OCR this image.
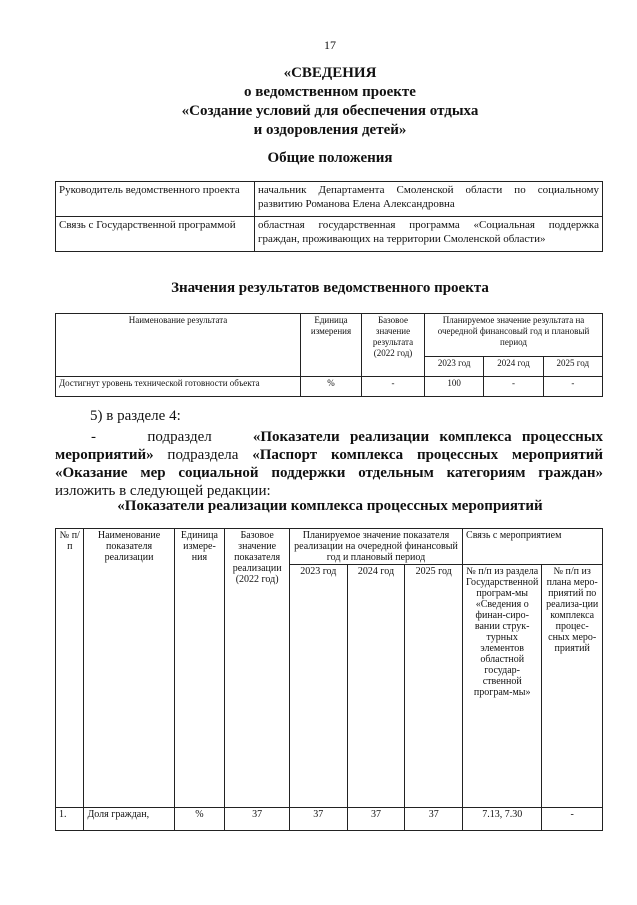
17
«СВЕДЕНИЯ
о ведомственном проекте
«Создание условий для обеспечения отдыха
и оздоровления детей»
Общие положения
Руководитель ведомственного проекта	начальник Департамента Смоленской области по социальному развитию Романова Елена Александровна
Связь с Государственной программой	областная государственная программа «Социальная поддержка граждан, проживающих на территории Смоленской области»
Значения результатов ведомственного проекта
Наименование результата	Единица измерения	Базовое значение результата (2022 год)	Планируемое значение результата на очередной финансовый год и плановый период		
			2023 год	2024 год	2025 год
Достигнут уровень технической готовности объекта	%	-	100	-	-
5) в разделе 4:
-	подраздел	«Показатели реализации комплекса процессных мероприятий» подраздела «Паспорт комплекса процессных мероприятий «Оказание мер социальной поддержки отдельным категориям граждан» изложить в следующей редакции:
«Показатели реализации комплекса процессных мероприятий
№ п/п	Наименование показателя реализации	Единица измере-ния	Базовое значение показателя реализации (2022 год)	Планируемое значение показателя реализации на очередной финансовый год и плановый период			Связь с мероприятием	
				2023 год	2024 год	2025 год	№ п/п из раздела Государственной програм-мы «Сведения о финан-сиро-вании струк-турных элементов областной государ-ственной програм-мы»	№ п/п из плана меро-приятий по реализа-ции комплекса процес-сных меро-приятий
1.	Доля граждан,	%	37	37	37	37	7.13, 7.30	-
